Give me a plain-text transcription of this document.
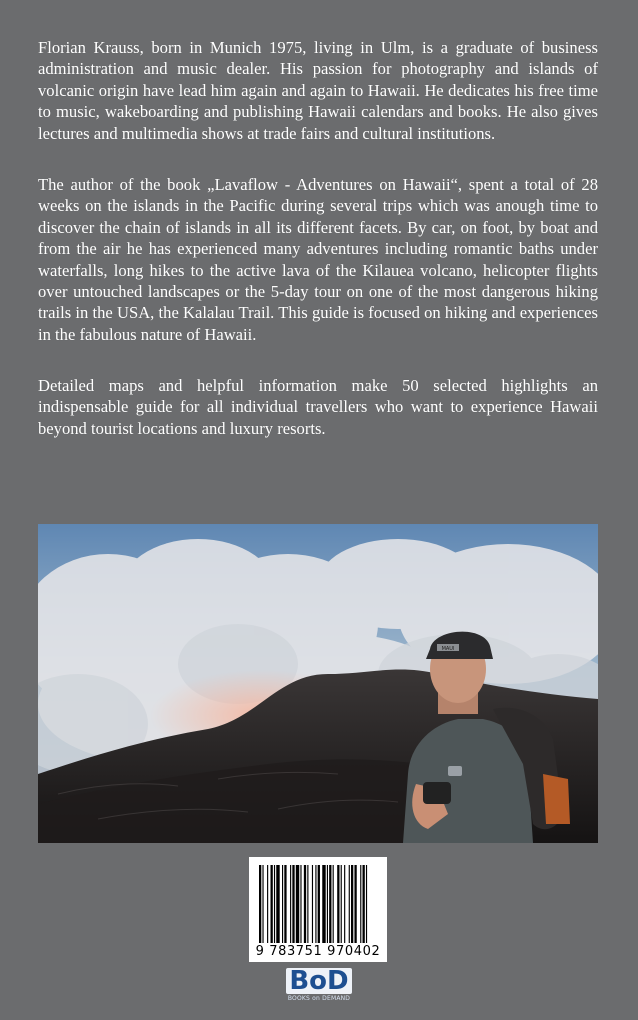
Florian Krauss, born in Munich 1975, living in Ulm, is a graduate of business administration and music dealer. His passion for photography and islands of volcanic origin have lead him again and again to Hawaii. He dedicates his free time to music, wakeboarding and publishing Hawaii calendars and books. He also gives lectures and multimedia shows at trade fairs and cultural institutions.

The author of the book „Lavaflow - Adventures on Hawaii“, spent a total of 28 weeks on the islands in the Pacific during several trips which was anough time to discover the chain of islands in all its different facets. By car, on foot, by boat and from the air he has experienced many adventures including romantic baths under waterfalls, long hikes to the active lava of the Kilauea volcano, helicopter flights over untouched landscapes or the 5-day tour on one of the most dangerous hiking trails in the USA, the Kalalau Trail. This guide is focused on hiking and experiences in the fabulous nature of Hawaii.

Detailed maps and helpful information make 50 selected highlights an indispensable guide for all individual travellers who want to experience Hawaii beyond tourist locations and luxury resorts.

MAUI
9 783751 970402
BoD
BOOKS on DEMAND
